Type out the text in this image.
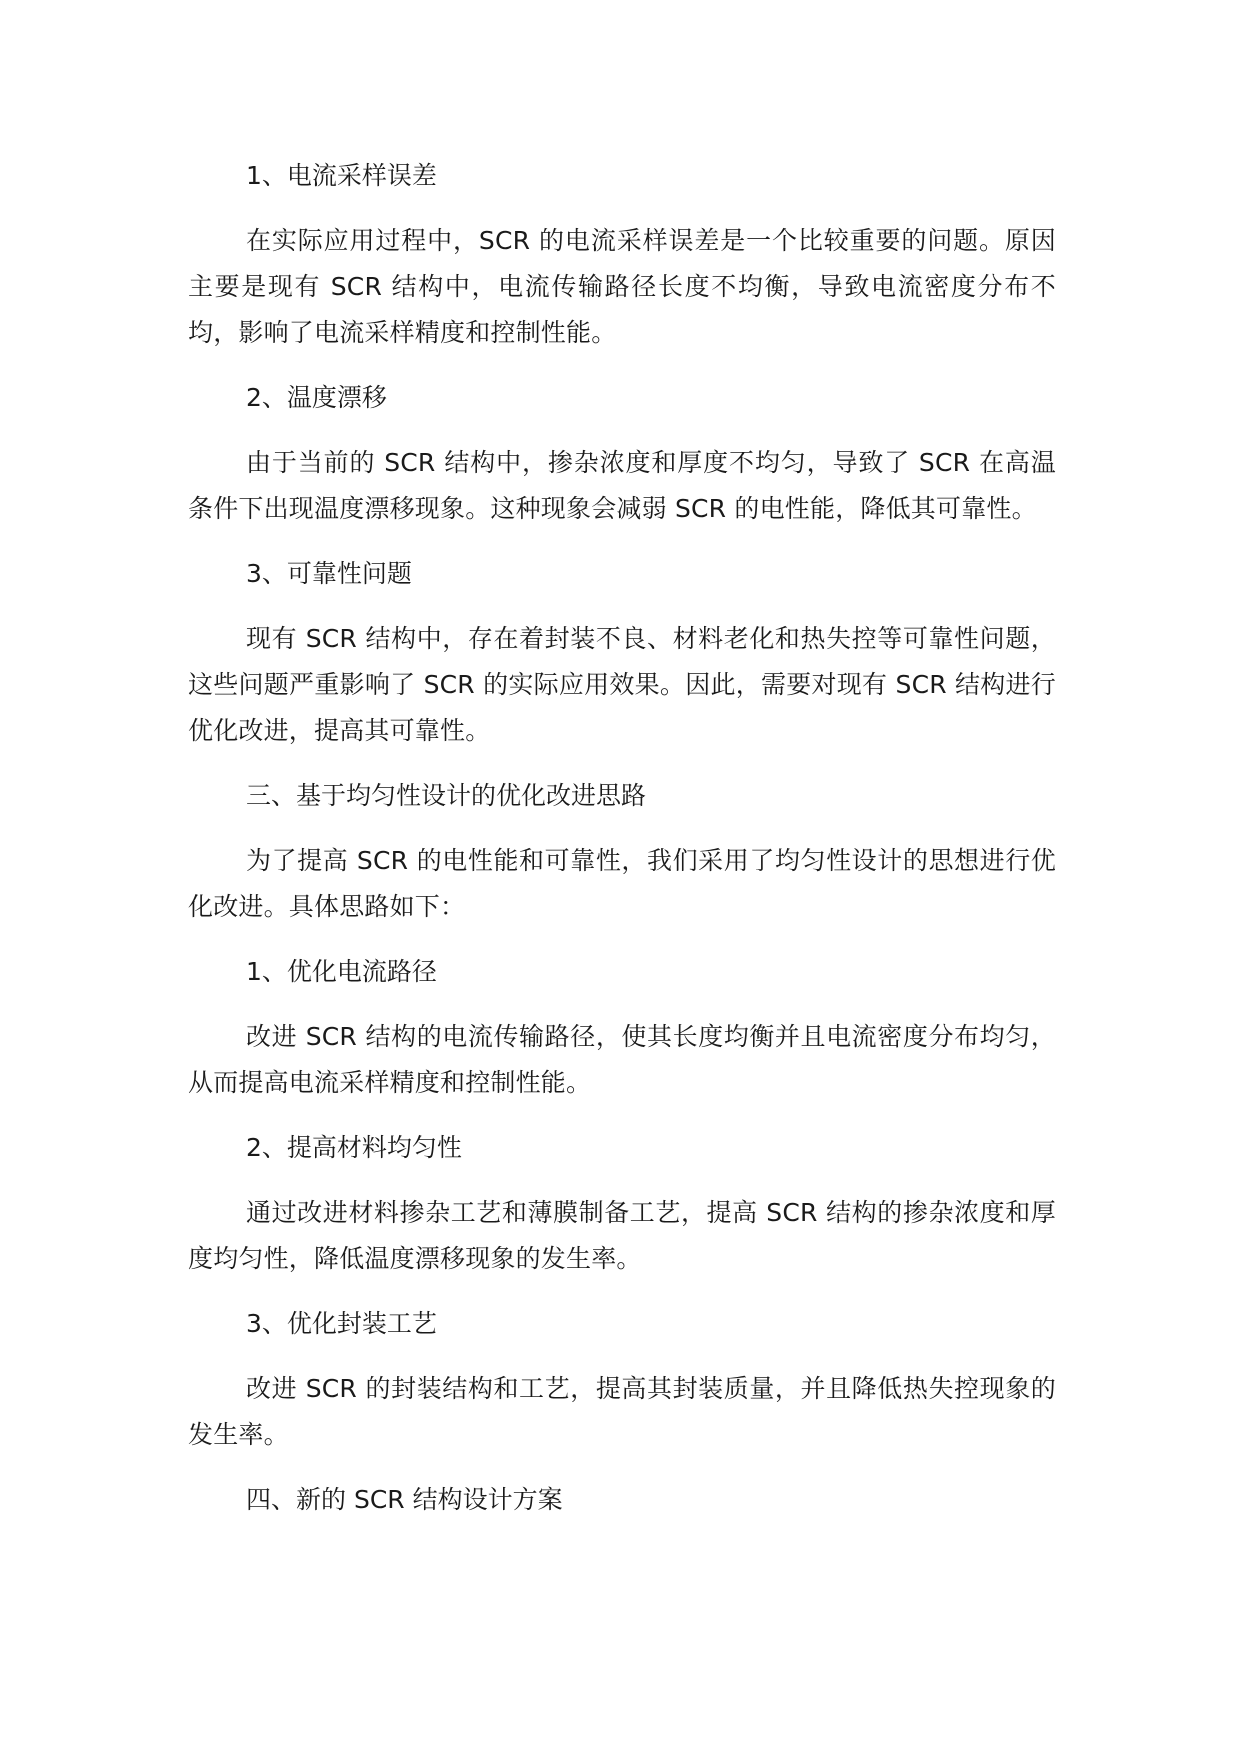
1、电流采样误差

在实际应用过程中，SCR 的电流采样误差是一个比较重要的问题。原因主要是现有 SCR 结构中，电流传输路径长度不均衡，导致电流密度分布不均，影响了电流采样精度和控制性能。

2、温度漂移

由于当前的 SCR 结构中，掺杂浓度和厚度不均匀，导致了 SCR 在高温条件下出现温度漂移现象。这种现象会减弱 SCR 的电性能，降低其可靠性。

3、可靠性问题

现有 SCR 结构中，存在着封装不良、材料老化和热失控等可靠性问题，这些问题严重影响了 SCR 的实际应用效果。因此，需要对现有 SCR 结构进行优化改进，提高其可靠性。

三、基于均匀性设计的优化改进思路

为了提高 SCR 的电性能和可靠性，我们采用了均匀性设计的思想进行优化改进。具体思路如下：

1、优化电流路径

改进 SCR 结构的电流传输路径，使其长度均衡并且电流密度分布均匀，从而提高电流采样精度和控制性能。

2、提高材料均匀性

通过改进材料掺杂工艺和薄膜制备工艺，提高 SCR 结构的掺杂浓度和厚度均匀性，降低温度漂移现象的发生率。

3、优化封装工艺

改进 SCR 的封装结构和工艺，提高其封装质量，并且降低热失控现象的发生率。

四、新的 SCR 结构设计方案
